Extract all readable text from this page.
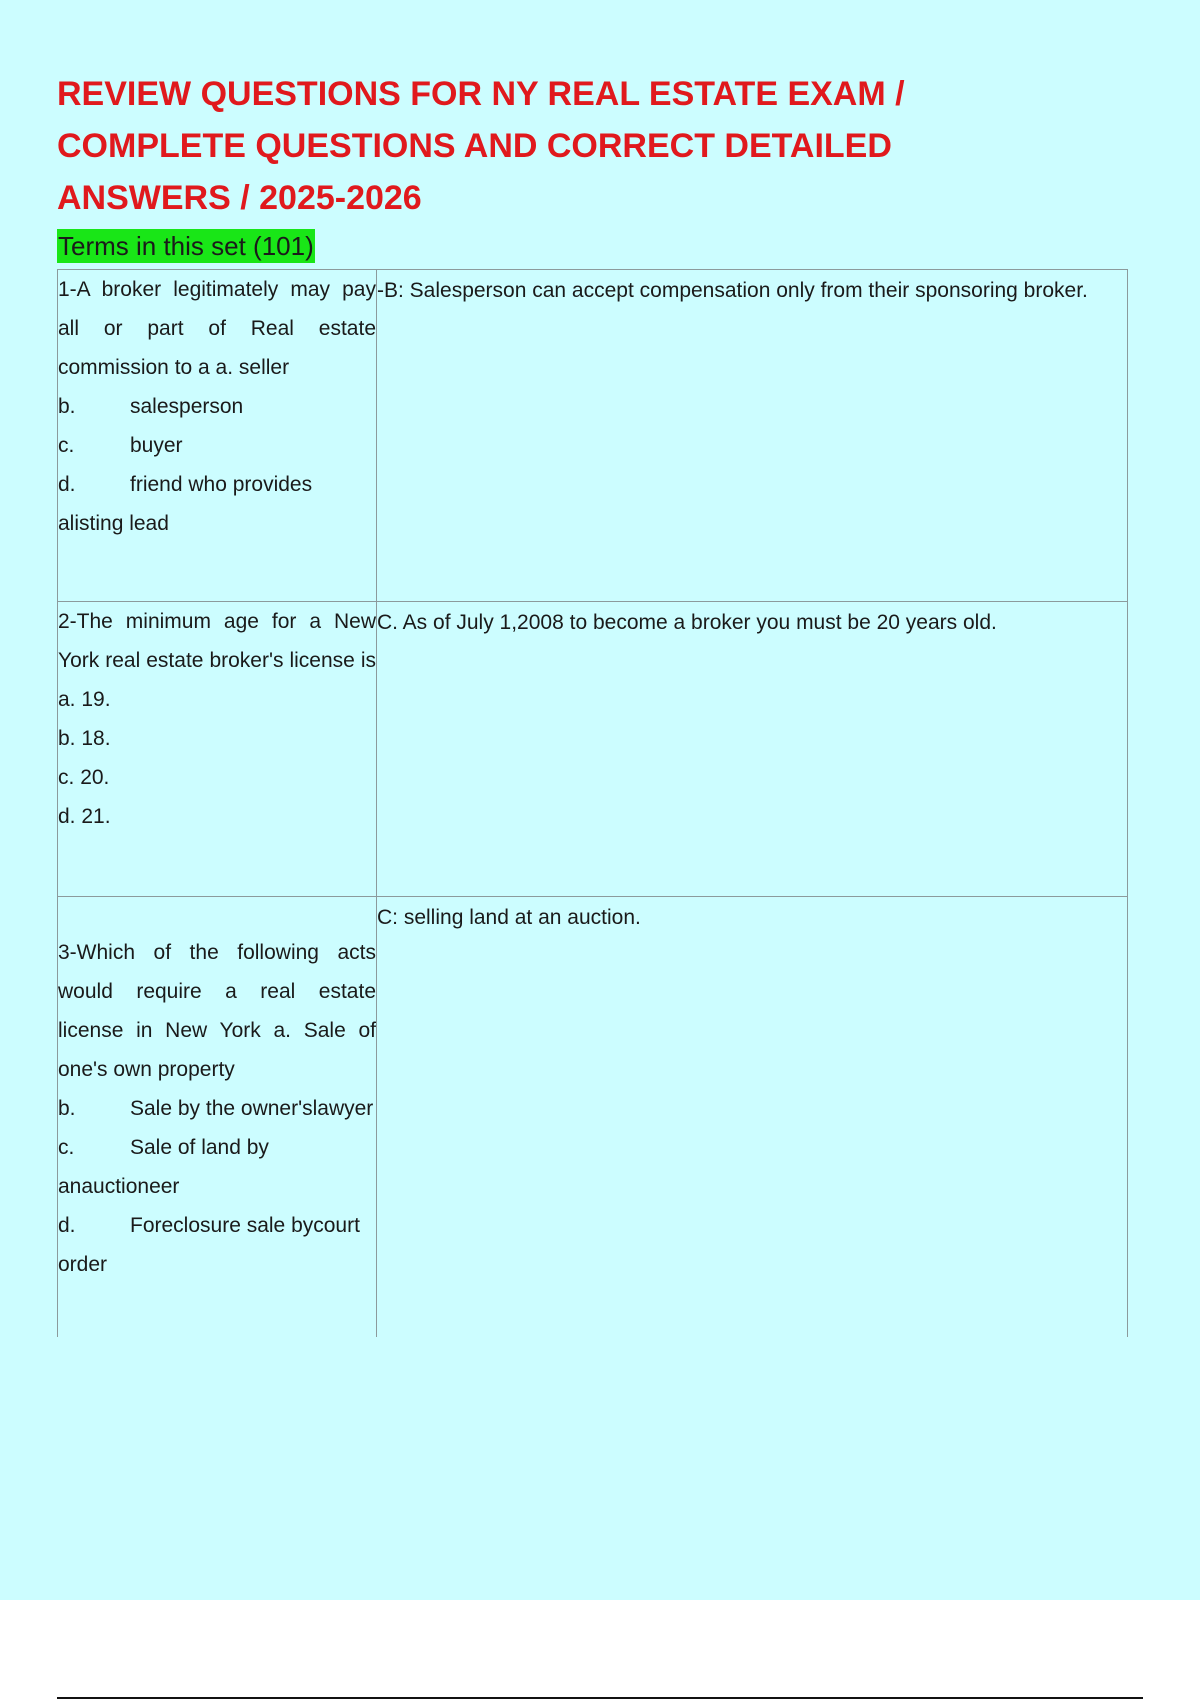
REVIEW QUESTIONS FOR NY REAL ESTATE EXAM /
COMPLETE QUESTIONS AND CORRECT DETAILED
ANSWERS / 2025-2026
Terms in this set (101)
1-A broker legitimately may pay all or part of Real estate commission to a a. seller
b. salesperson
c. buyer
d. friend who provides alisting lead	-B: Salesperson can accept compensation only from their sponsoring broker.

2-The minimum age for a New York real estate broker's license is a. 19.
b. 18.
c. 20.
d. 21.	C. As of July 1,2008 to become a broker you must be 20 years old.

3-Which of the following acts would require a real estate license in New York a. Sale of one's own property
b. Sale by the owner'slawyer
c. Sale of land by anauctioneer
d. Foreclosure sale bycourt order	C: selling land at an auction.
